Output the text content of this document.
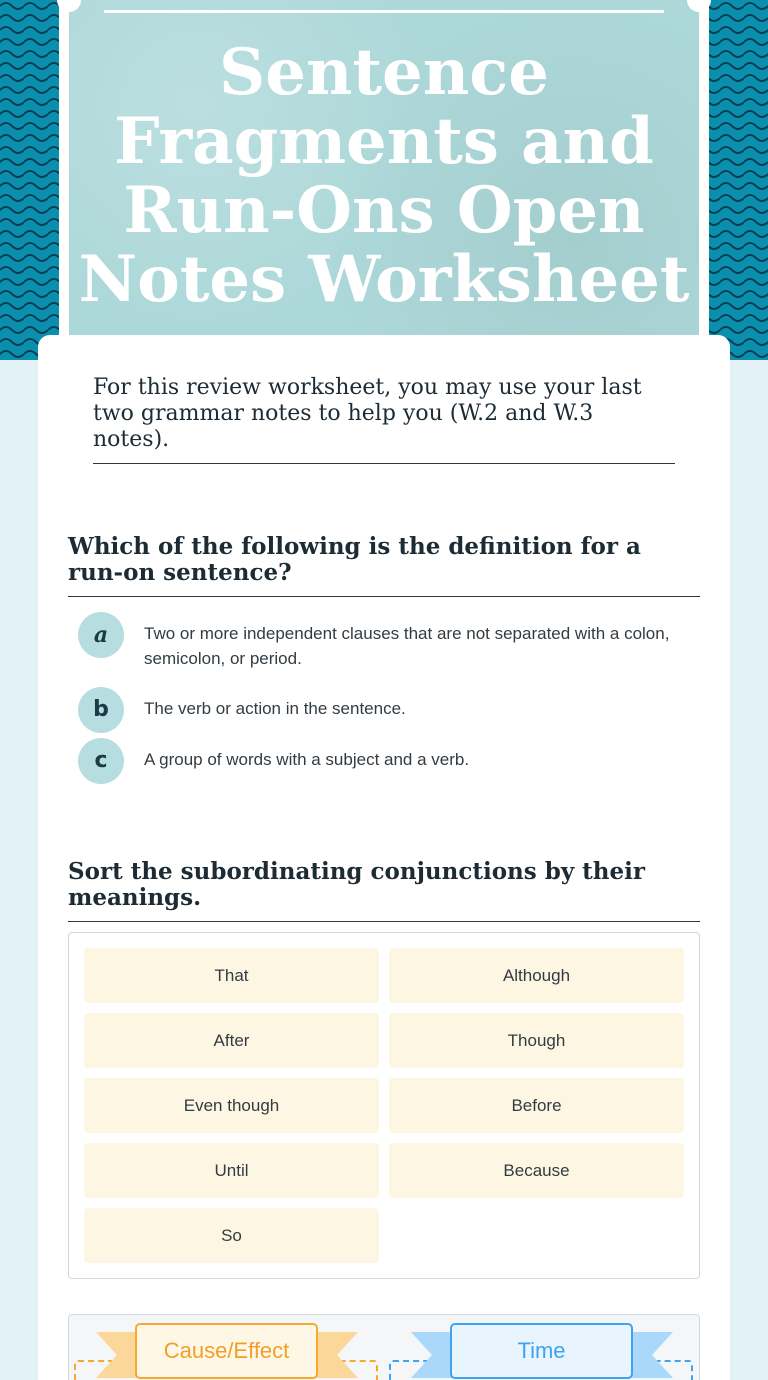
Sentence Fragments and Run-Ons Open Notes Worksheet

For this review worksheet, you may use your last two grammar notes to help you (W.2 and W.3 notes).

Which of the following is the definition for a run-on sentence?
a	Two or more independent clauses that are not separated with a colon, semicolon, or period.
b	The verb or action in the sentence.
c	A group of words with a subject and a verb.
Sort the subordinating conjunctions by their meanings.
That	Although
After	Though
Even though	Before
Until	Because
So
Cause/Effect	Time
